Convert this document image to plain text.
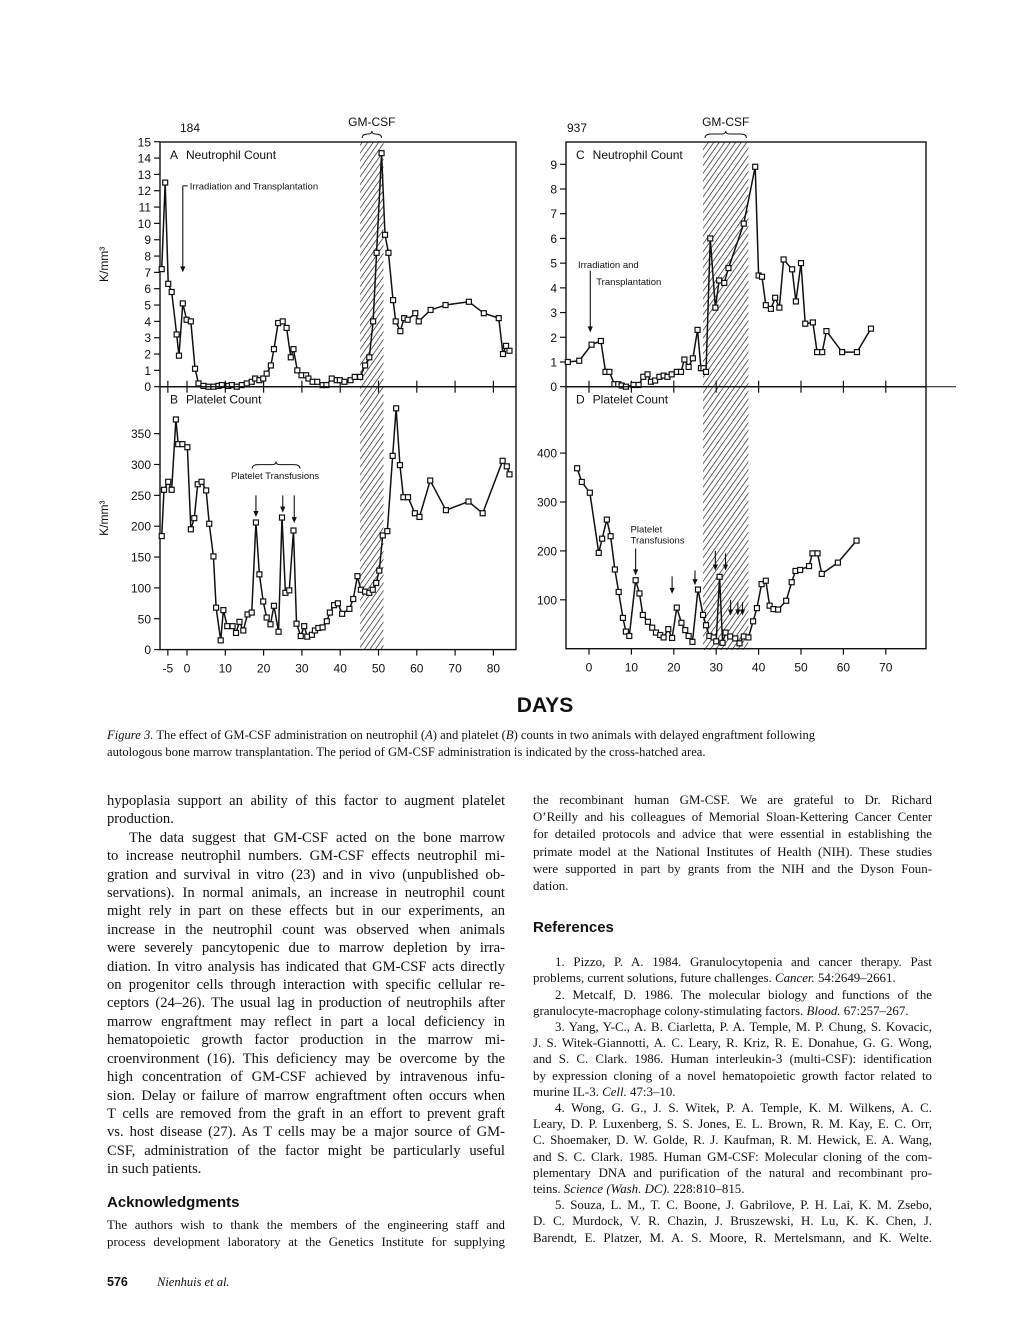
GM-CSF
0
1
2
3
4
5
6
7
8
9
10
11
12
13
14
15
A Neutrophil Count
184
K/mm³
Irradiation and Transplantation
0
50
100
150
200
250
300
350
-5 0 10 20 30 40 50 60 70 80
B Platelet Count
K/mm³
Platelet Transfusions
GM-CSF
0
1
2
3
4
5
6
7
8
9
C Neutrophil Count
937
Irradiation and
Transplantation
100
200
300
400
0	10 20 30 40 50 60 70
D Platelet Count
Platelet
Transfusions
DAYS
Figure 3. The effect of GM-CSF administration on neutrophil (A) and platelet (B) counts in two animals with delayed engraftment following
autologous bone marrow transplantation. The period of GM-CSF administration is indicated by the cross-hatched area.
hypoplasia support an ability of this factor to augment platelet
production.
The data suggest that GM-CSF acted on the bone marrow
to increase neutrophil numbers. GM-CSF effects neutrophil mi-
gration and survival in vitro (23) and in vivo (unpublished ob-
servations). In normal animals, an increase in neutrophil count
might rely in part on these effects but in our experiments, an
increase in the neutrophil count was observed when animals
were severely pancytopenic due to marrow depletion by irra-
diation. In vitro analysis has indicated that GM-CSF acts directly
on progenitor cells through interaction with specific cellular re-
ceptors (24–26). The usual lag in production of neutrophils after
marrow engraftment may reflect in part a local deficiency in
hematopoietic growth factor production in the marrow mi-
croenvironment (16). This deficiency may be overcome by the
high concentration of GM-CSF achieved by intravenous infu-
sion. Delay or failure of marrow engraftment often occurs when
T cells are removed from the graft in an effort to prevent graft
vs. host disease (27). As T cells may be a major source of GM-
CSF, administration of the factor might be particularly useful
in such patients.
Acknowledgments
The authors wish to thank the members of the engineering staff and
process development laboratory at the Genetics Institute for supplying
the recombinant human GM-CSF. We are grateful to Dr. Richard
O’Reilly and his colleagues of Memorial Sloan-Kettering Cancer Center
for detailed protocols and advice that were essential in establishing the
primate model at the National Institutes of Health (NIH). These studies
were supported in part by grants from the NIH and the Dyson Foun-
dation.
References
1. Pizzo, P. A. 1984. Granulocytopenia and cancer therapy. Past
problems, current solutions, future challenges. Cancer. 54:2649–2661.
2. Metcalf, D. 1986. The molecular biology and functions of the
granulocyte-macrophage colony-stimulating factors. Blood. 67:257–267.
3. Yang, Y-C., A. B. Ciarletta, P. A. Temple, M. P. Chung, S. Kovacic,
J. S. Witek-Giannotti, A. C. Leary, R. Kriz, R. E. Donahue, G. G. Wong,
and S. C. Clark. 1986. Human interleukin-3 (multi-CSF): identification
by expression cloning of a novel hematopoietic growth factor related to
murine IL-3. Cell. 47:3–10.
4. Wong, G. G., J. S. Witek, P. A. Temple, K. M. Wilkens, A. C.
Leary, D. P. Luxenberg, S. S. Jones, E. L. Brown, R. M. Kay, E. C. Orr,
C. Shoemaker, D. W. Golde, R. J. Kaufman, R. M. Hewick, E. A. Wang,
and S. C. Clark. 1985. Human GM-CSF: Molecular cloning of the com-
plementary DNA and purification of the natural and recombinant pro-
teins. Science (Wash. DC). 228:810–815.
5. Souza, L. M., T. C. Boone, J. Gabrilove, P. H. Lai, K. M. Zsebo,
D. C. Murdock, V. R. Chazin, J. Bruszewski, H. Lu, K. K. Chen, J.
Barendt, E. Platzer, M. A. S. Moore, R. Mertelsmann, and K. Welte.
576 Nienhuis et al.
